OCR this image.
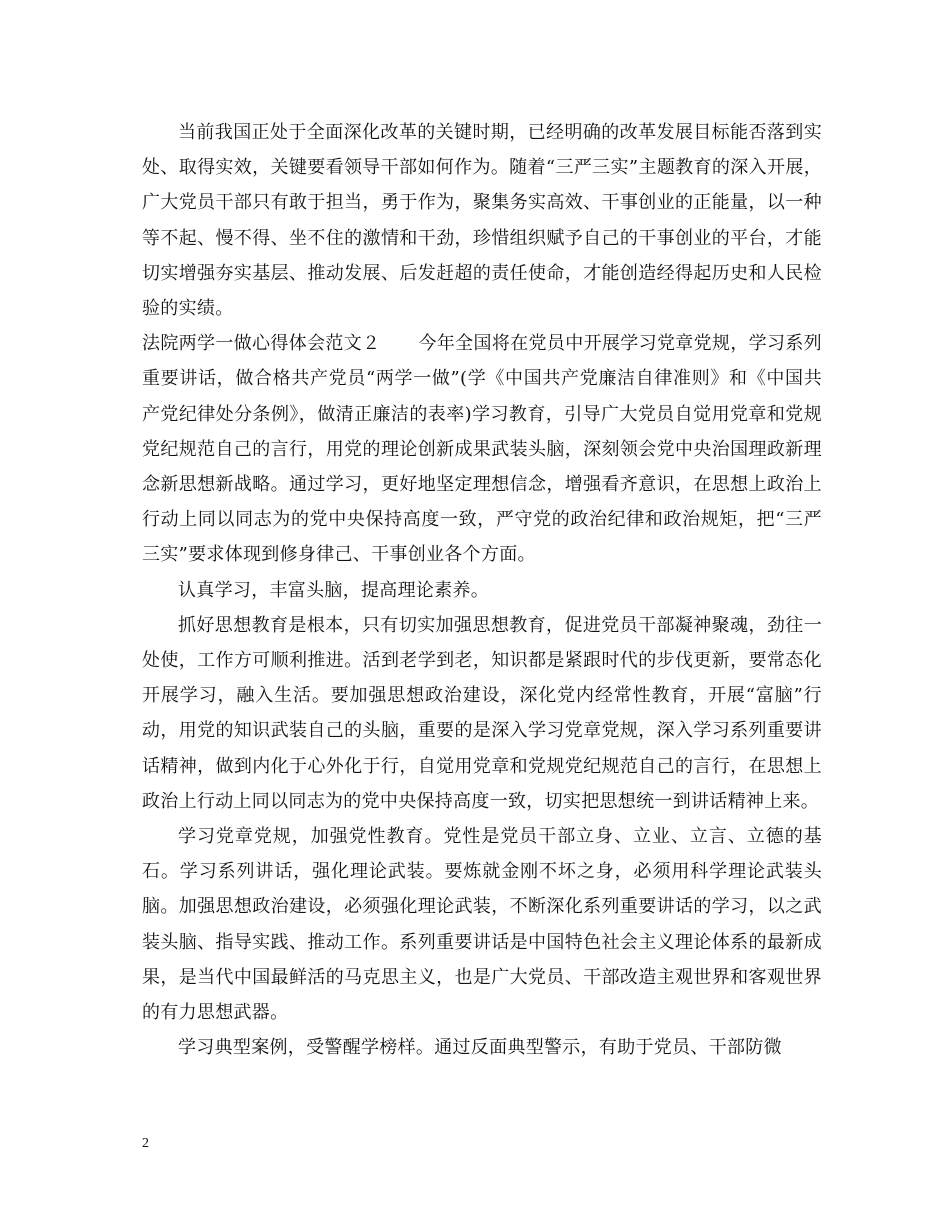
当前我国正处于全面深化改革的关键时期，已经明确的改革发展目标能否落到实处、取得实效，关键要看领导干部如何作为。随着“三严三实”主题教育的深入开展，广大党员干部只有敢于担当，勇于作为，聚集务实高效、干事创业的正能量，以一种等不起、慢不得、坐不住的激情和干劲，珍惜组织赋予自己的干事创业的平台，才能切实增强夯实基层、推动发展、后发赶超的责任使命，才能创造经得起历史和人民检验的实绩。

法院两学一做心得体会范文２ 今年全国将在党员中开展学习党章党规，学习系列重要讲话，做合格共产党员“两学一做”(学《中国共产党廉洁自律准则》和《中国共产党纪律处分条例》，做清正廉洁的表率)学习教育，引导广大党员自觉用党章和党规党纪规范自己的言行，用党的理论创新成果武装头脑，深刻领会党中央治国理政新理念新思想新战略。通过学习，更好地坚定理想信念，增强看齐意识，在思想上政治上行动上同以同志为的党中央保持高度一致，严守党的政治纪律和政治规矩，把“三严三实”要求体现到修身律己、干事创业各个方面。

认真学习，丰富头脑，提高理论素养。

抓好思想教育是根本，只有切实加强思想教育，促进党员干部凝神聚魂，劲往一处使，工作方可顺利推进。活到老学到老，知识都是紧跟时代的步伐更新，要常态化开展学习，融入生活。要加强思想政治建设，深化党内经常性教育，开展“富脑”行动，用党的知识武装自己的头脑，重要的是深入学习党章党规，深入学习系列重要讲话精神，做到内化于心外化于行，自觉用党章和党规党纪规范自己的言行，在思想上政治上行动上同以同志为的党中央保持高度一致，切实把思想统一到讲话精神上来。

学习党章党规，加强党性教育。党性是党员干部立身、立业、立言、立德的基石。学习系列讲话，强化理论武装。要炼就金刚不坏之身，必须用科学理论武装头脑。加强思想政治建设，必须强化理论武装，不断深化系列重要讲话的学习，以之武装头脑、指导实践、推动工作。系列重要讲话是中国特色社会主义理论体系的最新成果，是当代中国最鲜活的马克思主义，也是广大党员、干部改造主观世界和客观世界的有力思想武器。

学习典型案例，受警醒学榜样。通过反面典型警示，有助于党员、干部防微

2
